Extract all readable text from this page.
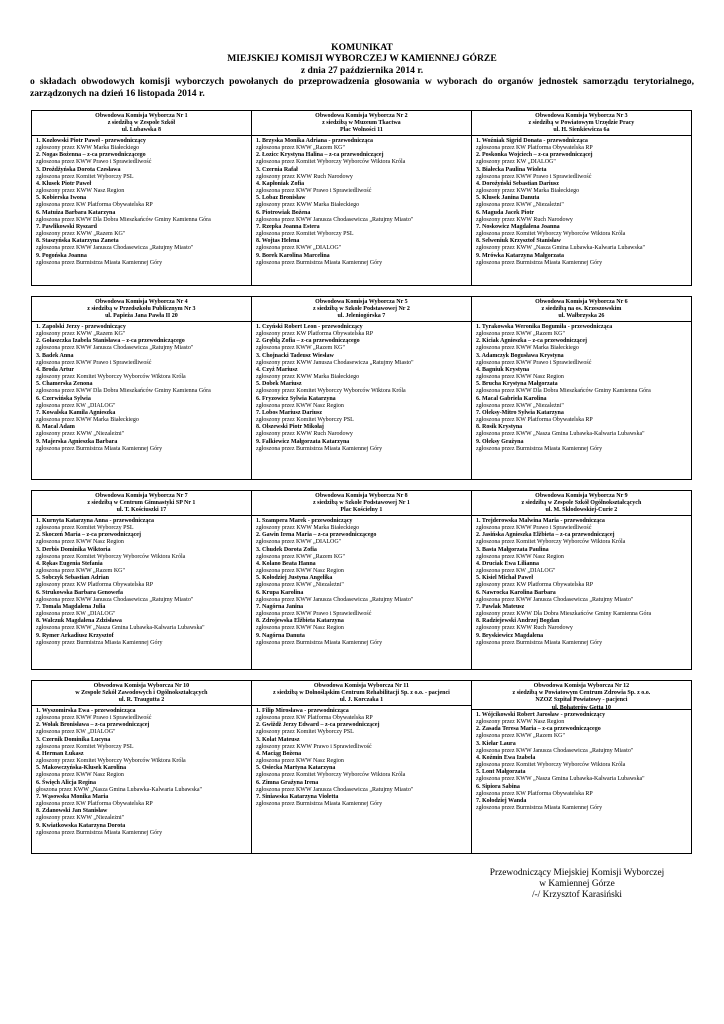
KOMUNIKAT
MIEJSKIEJ KOMISJI WYBORCZEJ W KAMIENNEJ GÓRZE
z dnia 27 października 2014 r.
o składach obwodowych komisji wyborczych powołanych do przeprowadzenia głosowania w wyborach do organów jednostek samorządu terytorialnego, zarządzonych na dzień 16 listopada 2014 r.
Obwodowa Komisja Wyborcza Nr 1
z siedzibą w Zespole Szkół
ul. Lubawska 8
1. Kozłowski Piotr Paweł - przewodniczący
zgłoszony przez KWW Marka Białeckiego
2. Nogas Bożenna – z-ca przewodniczącego
zgłoszona przez KWW Prawo i Sprawiedliwość
3. Drożdżyńska Dorota Czesława
zgłoszona przez Komitet Wyborczy PSL
4. Klusek Piotr Paweł
zgłoszony przez KWW Nasz Region
5. Kobierska Iwona
zgłoszona przez KW Platforma Obywatelska RP
6. Matuiza Barbara Katarzyna
zgłoszona przez KWW Dla Dobra Mieszkańców Gminy Kamienna Góra
7. Pawlikowski Ryszard
zgłoszony przez KWW „Razem KG"
8. Staszyńska Katarzyna Zaneta
zgłoszona przez KWW Janusza Chodasewicza „Ratujmy Miasto"
9. Pogońska Joanna
zgłoszona przez Burmistrza Miasta Kamiennej Góry
Obwodowa Komisja Wyborcza Nr 2
z siedzibą w Muzeum Tkactwa
Plac Wolności 11
1. Brzyska Monika Adriana - przewodnicząca
zgłoszona przez KWW „Razem KG"
2. Łozicc Krystyna Halina – z-ca przewodniczącej
zgłoszona przez Komitet Wyborczy Wyborców Wiktora Króla
3. Czernia Rafał
zgłoszony przez KWW Ruch Narodowy
4. Kapłoniak Zofia
zgłoszona przez KWW Prawo i Sprawiedliwość
5. Lobaz Bronisław
zgłoszony przez KWW Marka Białeckiego
6. Piotrowiak Bożena
zgłoszona przez KWW Janusza Chodasewicza „Ratujmy Miasto"
7. Rzepka Joanna Estera
zgłoszona przez Komitet Wyborczy PSL
8. Wojtas Helena
zgłoszona przez KWW „DIALOG"
9. Borek Karolina Marcelina
zgłoszona przez Burmistrza Miasta Kamiennej Góry
Obwodowa Komisja Wyborcza Nr 3
z siedzibą w Powiatowym Urzędzie Pracy
ul. H. Sienkiewicza 6a
1. Woźniak Sigrid Donata - przewodnicząca
zgłoszona przez KW Platforma Obywatelska RP
2. Poskonka Wojciech – z-ca przewodniczącej
zgłoszony przez KW „DIALOG"
3. Białecka Paulina Wioleta
zgłoszona przez KWW Prawo i Sprawiedliwość
4. Dorożyński Sebastian Dariusz
zgłoszony przez KWW Marka Białeckiego
5. Klusek Janina Danuta
zgłoszona przez KWW „Niezależni"
6. Maguda Jacek Piotr
zgłoszony przez KWW Ruch Narodowy
7. Noskowicz Magdalena Joanna
zgłoszona przez Komitet Wyborczy Wyborców Wiktora Króla
8. Selweniuk Krzysztof Stanisław
zgłoszony przez KWW „Nasza Gmina Lubawka-Kalwaria Lubawska"
9. Mrówka Katarzyna Małgorzata
zgłoszona przez Burmistrza Miasta Kamiennej Góry
Obwodowa Komisja Wyborcza Nr 4
z siedzibą w Przedszkolu Publicznym Nr 3
ul. Papieża Jana Pawła II 20
1. Zapolski Jerzy - przewodniczący
zgłoszony przez KWW „Razem KG"
2. Gołaszczka Izabela Stanisława – z-ca przewodniczącego
zgłoszona przez KWW Janusza Chodasewicza „Ratujmy Miasto"
3. Badek Anna
zgłoszona przez KWW Prawo i Sprawiedliwość
4. Broda Artur
zgłoszony przez Komitet Wyborczy Wyborców Wiktora Króla
5. Chamerska Zenona
zgłoszona przez KWW Dla Dobra Mieszkańców Gminy Kamienna Góra
6. Czerwińska Sylwia
zgłoszona przez KW „DIALOG"
7. Kowalska Kamila Agnieszka
zgłoszona przez KWW Marka Białeckiego
8. Macal Adam
zgłoszony przez KWW „Niezależni"
9. Majerska Agnieszka Barbara
zgłoszona przez Burmistrza Miasta Kamiennej Góry
Obwodowa Komisja Wyborcza Nr 5
z siedzibą w Szkole Podstawowej Nr 2
ul. Jeleniogórska 7
1. Czyński Robert Leon - przewodniczący
zgłoszony przez KW Platforma Obywatelska RP
2. Gręblą Zofia – z-ca przewodniczącego
zgłoszona przez KWW „Razem KG"
3. Chojnacki Tadeusz Wiesław
zgłoszony przez KWW Janusza Chodasewicza „Ratujmy Miasto"
4. Czyż Mariusz
zgłoszony przez KWW Marka Białeckiego
5. Dobek Mariusz
zgłoszony przez Komitet Wyborczy Wyborców Wiktora Króla
6. Fryzowicz Sylwia Katarzyna
zgłoszona przez KWW Nasz Region
7. Lobos Mariusz Dariusz
zgłoszony przez Komitet Wyborczy PSL
8. Olszewski Piotr Mikołaj
zgłoszony przez KWW Ruch Narodowy
9. Falkiewicz Małgorzata Katarzyna
zgłoszona przez Burmistrza Miasta Kamiennej Góry
Obwodowa Komisja Wyborcza Nr 6
z siedzibą na os. Krzeszowskim
ul. Wałbrzyska 26
1. Tyrakowska Weronika Bogumiła - przewodnicząca
zgłoszona przez KWW „Razem KG"
2. Kiciak Agnieszka – z-ca przewodniczącej
zgłoszona przez KWW Marka Białeckiego
3. Adamczyk Bogusława Krystyna
zgłoszona przez KWW Prawo i Sprawiedliwość
4. Bagniuk Krystyna
zgłoszona przez KWW Nasz Region
5. Brucha Krystyna Małgorzata
zgłoszona przez KWW Dla Dobra Mieszkańców Gminy Kamienna Góra
6. Macal Gabriela Karolina
zgłoszona przez KWW „Niezależni"
7. Oleksy-Mitro Sylwia Katarzyna
zgłoszona przez KW Platforma Obywatelska RP
8. Rosik Krystyna
zgłoszona przez KWW „Nasza Gmina Lubawka-Kalwaria Lubawska"
9. Oleksy Grażyna
zgłoszona przez Burmistrza Miasta Kamiennej Góry
Obwodowa Komisja Wyborcza Nr 7
z siedzibą w Centrum Gimnastyki SP Nr 1
ul. T. Kościuszki 17
1. Kurnyta Katarzyna Anna - przewodnicząca
zgłoszona przez Komitet Wyborczy PSL
2. Skoczeń Maria – z-ca przewodniczącej
zgłoszona przez KWW Nasz Region
3. Derbis Dominika Wiktoria
zgłoszona przez Komitet Wyborczy Wyborców Wiktora Króla
4. Rękas Eugenia Stefania
zgłoszona przez KWW „Razem KG"
5. Sobczyk Sebastian Adrian
zgłoszony przez KW Platforma Obywatelska RP
6. Strukowska Barbara Genowefa
zgłoszona przez KWW Janusza Chodasewicza „Ratujmy Miasto"
7. Tomala Magdalena Julia
zgłoszona przez KW „DIALOG"
8. Walczuk Magdalena Zdzisława
zgłoszona przez KWW „Nasza Gmina Lubawka-Kalwaria Lubawska"
9. Rymer Arkadiusz Krzysztof
zgłoszony przez Burmistrza Miasta Kamiennej Góry
Obwodowa Komisja Wyborcza Nr 8
z siedzibą w Szkole Podstawowej Nr 1
Plac Kościelny 1
1. Szampera Marek - przewodniczący
zgłoszony przez KWW Marka Białeckiego
2. Gawin Irena Maria – z-ca przewodniczącego
zgłoszona przez KWW „DIALOG"
3. Chudek Dorota Zofia
zgłoszona przez KWW „Razem KG"
4. Kolano Beata Hanna
zgłoszona przez KWW Nasz Region
5. Kołodziej Justyna Angelika
zgłoszona przez KWW „Niezależni"
6. Krupa Karolina
zgłoszona przez KWW Janusza Chodasewicza „Ratujmy Miasto"
7. Nagórna Janina
zgłoszona przez KWW Prawo i Sprawiedliwość
8. Zdrojewska Elżbieta Katarzyna
zgłoszona przez KWW Nasz Region
9. Nagórna Danuta
zgłoszona przez Burmistrza Miasta Kamiennej Góry
Obwodowa Komisja Wyborcza Nr 9
z siedzibą w Zespole Szkół Ogólnokształcących
ul. M. Skłodowskiej-Curie 2
1. Trejderowska Malwina Maria - przewodnicząca
zgłoszona przez KWW Prawo i Sprawiedliwość
2. Jasińska Agnieszka Elżbieta – z-ca przewodniczącej
zgłoszona przez Komitet Wyborczy Wyborców Wiktora Króla
3. Basta Małgorzata Paulina
zgłoszona przez KWW Nasz Region
4. Druciak Ewa Lilianna
zgłoszona przez KW „DIALOG"
5. Kisiel Michał Paweł
zgłoszony przez KW Platforma Obywatelska RP
6. Nawrocka Karolina Barbara
zgłoszona przez KWW Janusza Chodasewicza „Ratujmy Miasto"
7. Pawlak Mateusz
zgłoszony przez KWW Dla Dobra Mieszkańców Gminy Kamienna Góra
8. Radziejewski Andrzej Bogdan
zgłoszony przez KWW Ruch Narodowy
9. Bryskiewicz Magdalena
zgłoszona przez Burmistrza Miasta Kamiennej Góry
Obwodowa Komisja Wyborcza Nr 10
w Zespole Szkół Zawodowych i Ogólnokształcących
ul. R. Traugutta 2
1. Wyszomirska Ewa - przewodnicząca
zgłoszona przez KWW Prawo i Sprawiedliwość
2. Wołak Bronisława – z-ca przewodniczącej
zgłoszona przez KW „DIALOG"
3. Czernik Dominika Lucyna
zgłoszona przez Komitet Wyborczy PSL
4. Herman Łukasz
zgłoszony przez Komitet Wyborczy Wyborców Wiktora Króla
5. Makowczyńska-Klusek Karolina
zgłoszona przez KWW Nasz Region
6. Święch Alicja Regina
głoszona przez KWW „Nasza Gmina Lubawka-Kalwaria Lubawska"
7. Wąsowska Monika Maria
zgłoszona przez KW Platforma Obywatelska RP
8. Zdanowski Jan Stanisław
zgłoszony przez KWW „Niezależni"
9. Kwiatkowska Katarzyna Dorota
zgłoszona przez Burmistrza Miasta Kamiennej Góry
Obwodowa Komisja Wyborcza Nr 11
z siedzibą w Dolnośląskim Centrum Rehabilitacji Sp. z o.o. - pacjenci
ul. J. Korczaka 1
1. Filip Mirosława - przewodnicząca
zgłoszona przez KW Platforma Obywatelska RP
2. Gwiżdż Jerzy Edward – z-ca przewodniczącej
zgłoszony przez Komitet Wyborczy PSL
3. Kolat Mateusz
zgłoszony przez KWW Prawo i Sprawiedliwość
4. Maciąg Bożena
zgłoszona przez KWW Nasz Region
5. Osiecka Martyna Katarzyna
zgłoszona przez Komitet Wyborczy Wyborców Wiktora Króla
6. Zimna Grażyna Irena
zgłoszona przez KWW Janusza Chodasewicza „Ratujmy Miasto"
7. Siniawska Katarzyna Violetta
zgłoszona przez Burmistrza Miasta Kamiennej Góry
Obwodowa Komisja Wyborcza Nr 12
z siedzibą w Powiatowym Centrum Zdrowia Sp. z o.o.
NZOZ Szpital Powiatowy - pacjenci
ul. Bohaterów Getta 10
1. Wójcikowski Robert Jarosław - przewodniczący
zgłoszony przez KWW Nasz Region
2. Zasada Teresa Maria – z-ca przewodniczącego
zgłoszona przez KWW „Razem KG"
3. Kiełar Laura
zgłoszona przez KWW Janusza Chodasewicza „Ratujmy Miasto"
4. Koźmin Ewa Izabela
zgłoszona przez Komitet Wyborczy Wyborców Wiktora Króla
5. Lont Małgorzata
zgłoszona przez KWW „Nasza Gmina Lubawka-Kalwaria Lubawska"
6. Sipiora Sabina
zgłoszona przez KW Platforma Obywatelska RP
7. Kołodziej Wanda
zgłoszona przez Burmistrza Miasta Kamiennej Góry
Przewodniczący Miejskiej Komisji Wyborczej
w Kamiennej Górze
/-/ Krzysztof Karasiński
